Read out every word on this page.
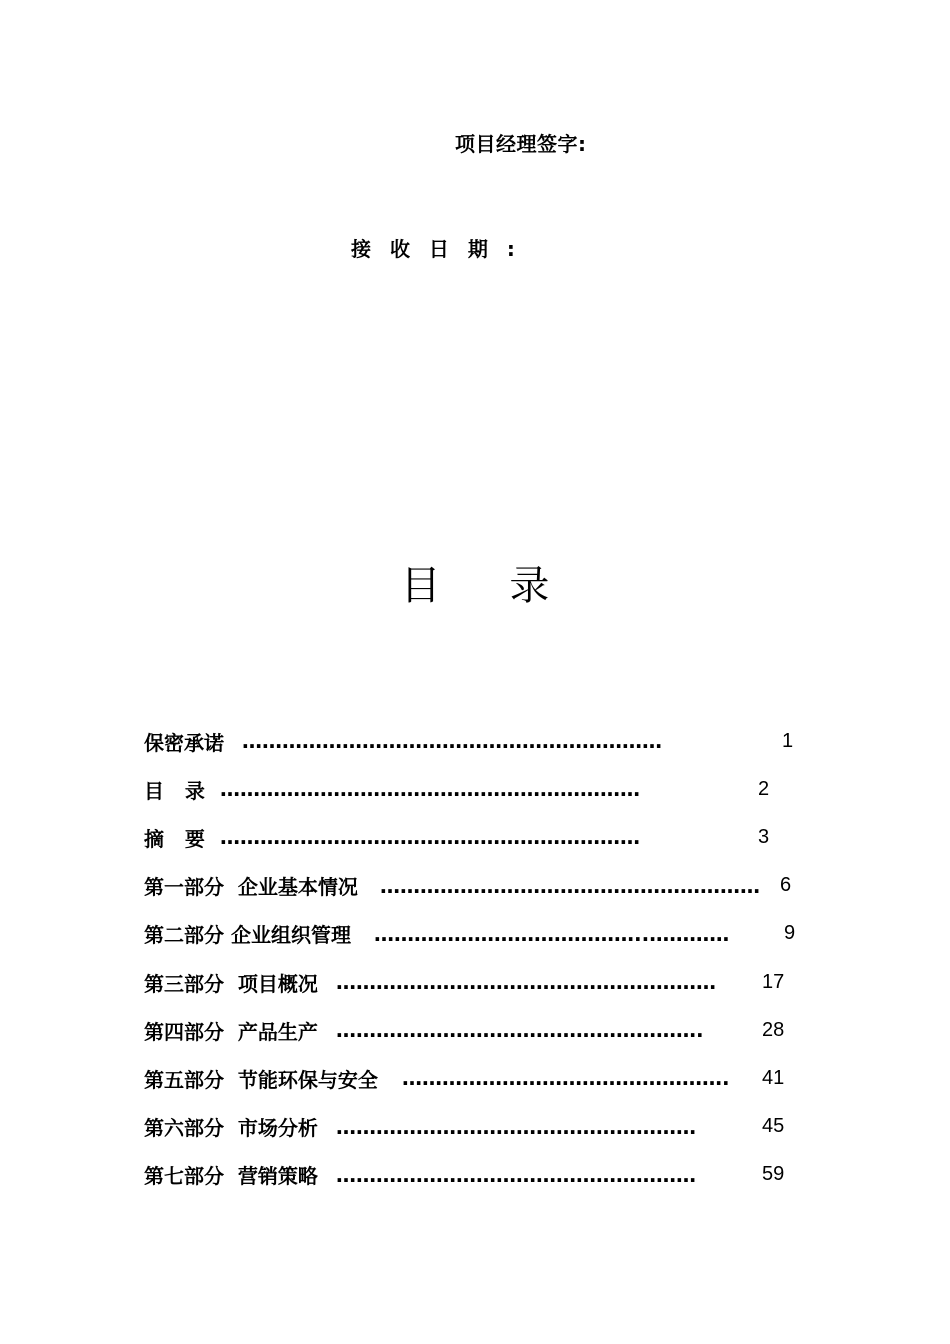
项目经理签字:
接 收 日 期 :
目 录
保密承诺 ………………………………………………………	1
目   录 ………………………………………………………	2
摘   要 ………………………………………………………	3
第一部分  企业基本情况	…………………………………………………	6
第二部分 企业组织管理	…………………………………..…………	9
第三部分  项目概况 …………………………………………………	17
第四部分  产品生产 ……………………………………………….	28
第五部分  节能环保与安全	………………………………………….	41
第六部分  市场分析 ………………………………………………	45
第七部分  营销策略 ………………………………………………	59
